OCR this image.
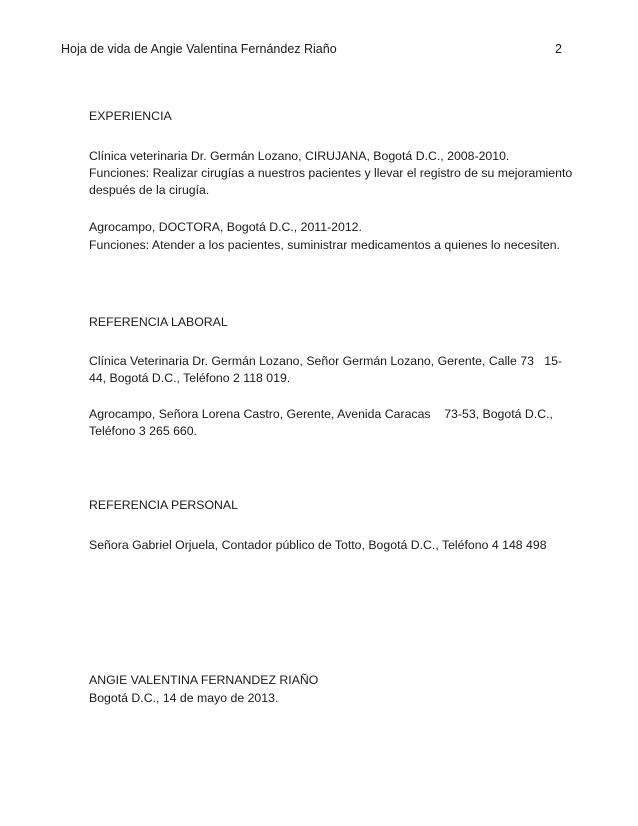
Hoja de vida de Angie Valentina Fernández Riaño	2
EXPERIENCIA
Clínica veterinaria Dr. Germán Lozano, CIRUJANA, Bogotá D.C., 2008-2010.
Funciones: Realizar cirugías a nuestros pacientes y llevar el registro de su mejoramiento después de la cirugía.
Agrocampo, DOCTORA, Bogotá D.C., 2011-2012.
Funciones: Atender a los pacientes, suministrar medicamentos a quienes lo necesiten.
REFERENCIA LABORAL
Clínica Veterinaria Dr. Germán Lozano, Señor Germán Lozano, Gerente, Calle 73   15-44, Bogotá D.C., Teléfono 2 118 019.
Agrocampo, Señora Lorena Castro, Gerente, Avenida Caracas    73-53, Bogotá D.C., Teléfono 3 265 660.
REFERENCIA PERSONAL
Señora Gabriel Orjuela, Contador público de Totto, Bogotá D.C., Teléfono 4 148 498
ANGIE VALENTINA FERNANDEZ RIAÑO
Bogotá D.C., 14 de mayo de 2013.
